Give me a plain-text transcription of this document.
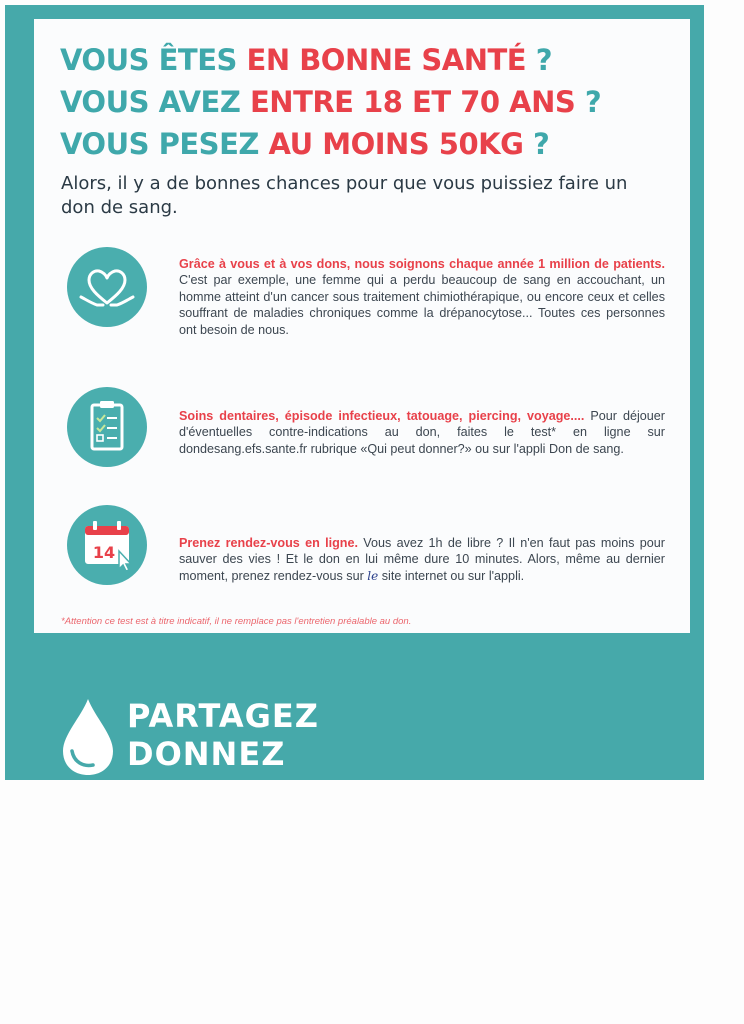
VOUS ÊTES EN BONNE SANTÉ ?
VOUS AVEZ ENTRE 18 ET 70 ANS ?
VOUS PESEZ AU MOINS 50KG ?

Alors, il y a de bonnes chances pour que vous puissiez faire un don de sang.

Grâce à vous et à vos dons, nous soignons chaque année 1 million de patients. C'est par exemple, une femme qui a perdu beaucoup de sang en accouchant, un homme atteint d'un cancer sous traitement chimiothérapique, ou encore ceux et celles souffrant de maladies chroniques comme la drépanocytose... Toutes ces personnes ont besoin de nous.

Soins dentaires, épisode infectieux, tatouage, piercing, voyage.... Pour déjouer d'éventuelles contre-indications au don, faites le test* en ligne sur dondesang.efs.sante.fr rubrique «Qui peut donner?» ou sur l'appli Don de sang.

14	Prenez rendez-vous en ligne. Vous avez 1h de libre ? Il n'en faut pas moins pour sauver des vies ! Et le don en lui même dure 10 minutes. Alors, même au dernier moment, prenez rendez-vous sur le site internet ou sur l'appli.

*Attention ce test est à titre indicatif, il ne remplace pas l'entretien préalable au don.

PARTAGEZ
DONNEZ
